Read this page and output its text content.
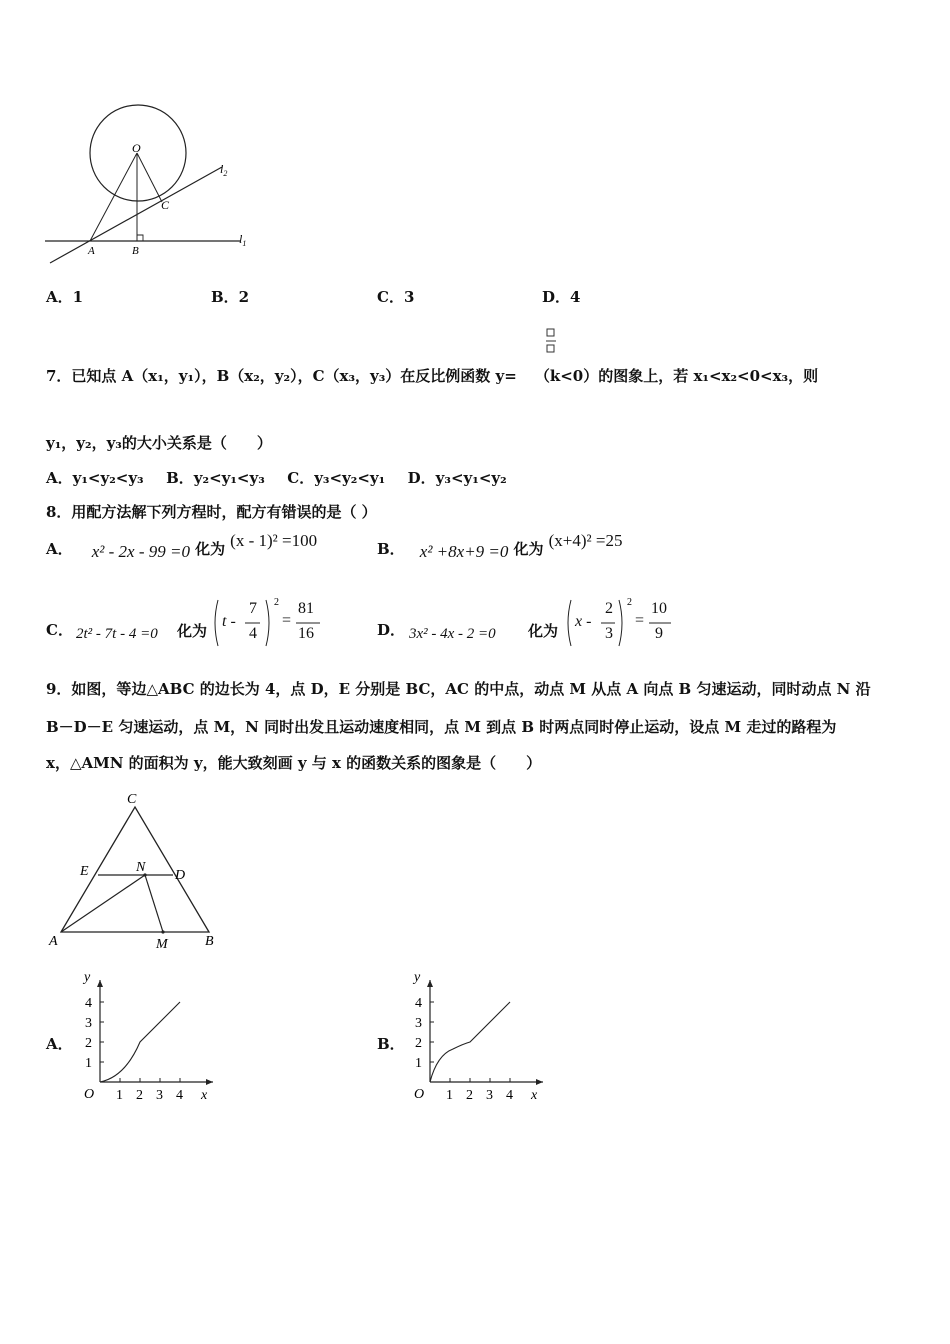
O
C
A	B
$l_1$
$l_2$
A．1	B．2	C．3	D．4
7．已知点 A（x₁，y₁），B（x₂，y₂），C（x₃，y₃）在反比例函数 y= （k<0）的图象上，若 x₁<x₂<0<x₃，则
y₁，y₂，y₃的大小关系是（　　）
A．y₁<y₂<y₃ B．y₂<y₁<y₃ C．y₃<y₂<y₁ D．y₃<y₁<y₂
8．用配方法解下列方程时，配方有错误的是（ ）
A． x² - 2x - 99 =0 化为 (x - 1)² =100	B． x² +8x+9 =0 化为 (x+4)² =25
C． 2t² - 7t - 4 =0 化为
2
t -
7
4
=
81
16	D． 3x² - 4x - 2 =0 化为
2
x -
2
3
=
10
9
9．如图，等边△ABC 的边长为 4，点 D，E 分别是 BC，AC 的中点，动点 M 从点 A 向点 B 匀速运动，同时动点 N 沿
B－D－E 匀速运动，点 M，N 同时出发且运动速度相同，点 M 到点 B 时两点同时停止运动，设点 M 走过的路程为
x，△AMN 的面积为 y，能大致刻画 y 与 x 的函数关系的图象是（　　）
C
E	N
D
A	M	B
A．
y
x
O
4
3
2
1
1 2 3 4
B．
y
x
O
4
3
2
1
1 2 3 4
